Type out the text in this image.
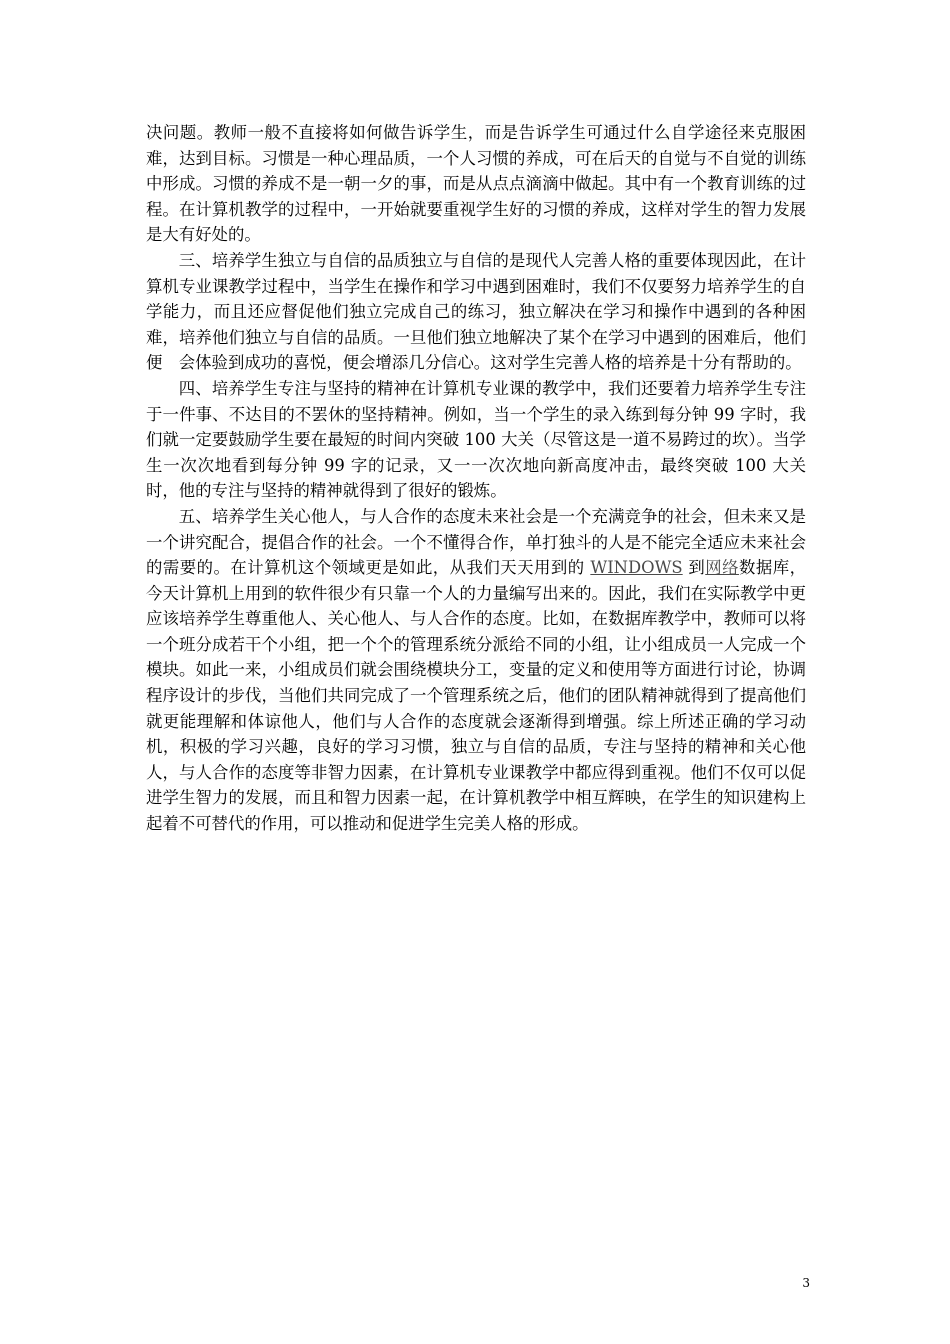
决问题。教师一般不直接将如何做告诉学生，而是告诉学生可通过什么自学途径来克服困难，达到目标。习惯是一种心理品质，一个人习惯的养成，可在后天的自觉与不自觉的训练中形成。习惯的养成不是一朝一夕的事，而是从点点滴滴中做起。其中有一个教育训练的过程。在计算机教学的过程中，一开始就要重视学生好的习惯的养成，这样对学生的智力发展是大有好处的。

三、培养学生独立与自信的品质独立与自信的是现代人完善人格的重要体现因此，在计算机专业课教学过程中，当学生在操作和学习中遇到困难时，我们不仅要努力培养学生的自学能力，而且还应督促他们独立完成自己的练习，独立解决在学习和操作中遇到的各种困难，培养他们独立与自信的品质。一旦他们独立地解决了某个在学习中遇到的困难后，他们便　会体验到成功的喜悦，便会增添几分信心。这对学生完善人格的培养是十分有帮助的。

四、培养学生专注与坚持的精神在计算机专业课的教学中，我们还要着力培养学生专注于一件事、不达目的不罢休的坚持精神。例如，当一个学生的录入练到每分钟 99 字时，我们就一定要鼓励学生要在最短的时间内突破 100 大关（尽管这是一道不易跨过的坎）。当学生一次次地看到每分钟 99 字的记录，又一一次次地向新高度冲击，最终突破 100 大关时，他的专注与坚持的精神就得到了很好的锻炼。

五、培养学生关心他人，与人合作的态度未来社会是一个充满竞争的社会，但未来又是一个讲究配合，提倡合作的社会。一个不懂得合作，单打独斗的人是不能完全适应未来社会的需要的。在计算机这个领域更是如此，从我们天天用到的 WINDOWS 到网络数据库，今天计算机上用到的软件很少有只靠一个人的力量编写出来的。因此，我们在实际教学中更应该培养学生尊重他人、关心他人、与人合作的态度。比如，在数据库教学中，教师可以将一个班分成若干个小组，把一个个的管理系统分派给不同的小组，让小组成员一人完成一个模块。如此一来，小组成员们就会围绕模块分工，变量的定义和使用等方面进行讨论，协调程序设计的步伐，当他们共同完成了一个管理系统之后，他们的团队精神就得到了提高他们就更能理解和体谅他人，他们与人合作的态度就会逐渐得到增强。综上所述正确的学习动机，积极的学习兴趣，良好的学习习惯，独立与自信的品质，专注与坚持的精神和关心他人，与人合作的态度等非智力因素，在计算机专业课教学中都应得到重视。他们不仅可以促进学生智力的发展，而且和智力因素一起，在计算机教学中相互辉映，在学生的知识建构上起着不可替代的作用，可以推动和促进学生完美人格的形成。

3
